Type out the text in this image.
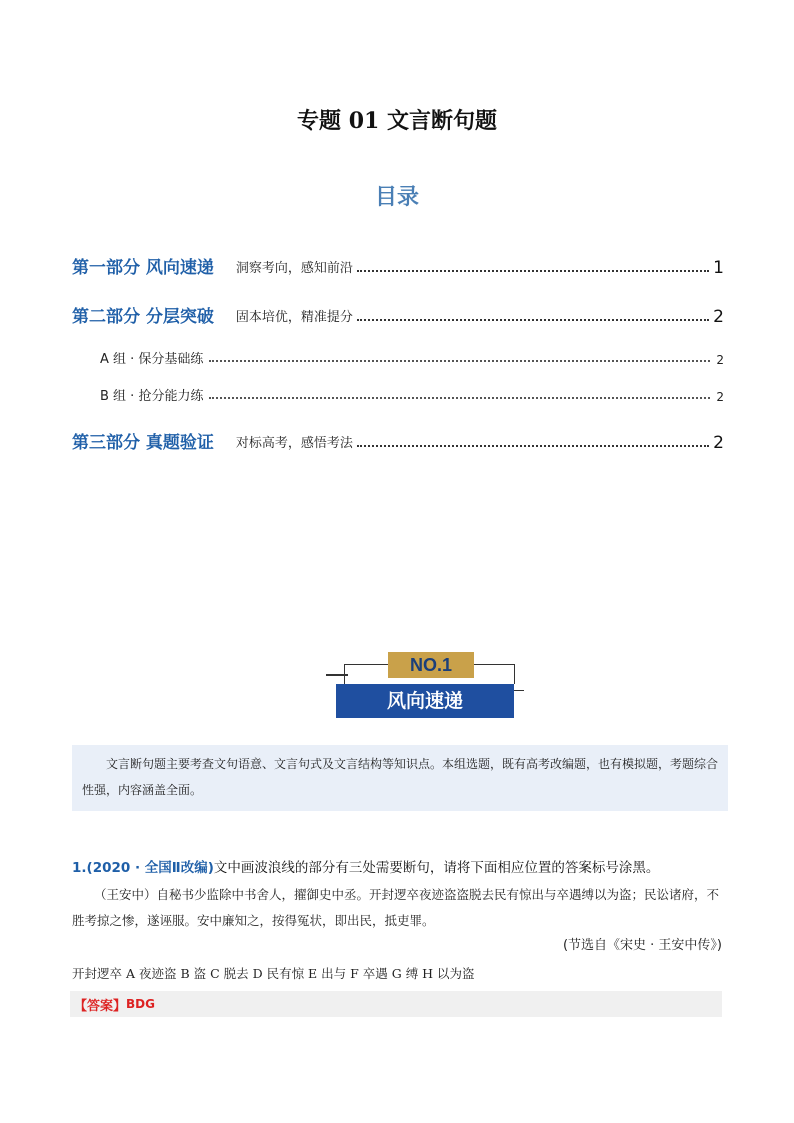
专题 01 文言断句题
目录
第一部分 风向速递 洞察考向，感知前沿	1
第二部分 分层突破 固本培优，精准提分	2
A 组 · 保分基础练	2
B 组 · 抢分能力练	2
第三部分 真题验证 对标高考，感悟考法	2
NO.1
风向速递
文言断句题主要考查文句语意、文言句式及文言结构等知识点。本组选题，既有高考改编题，也有模拟题，考题综合性强，内容涵盖全面。
1.(2020 · 全国Ⅱ改编)文中画波浪线的部分有三处需要断句，请将下面相应位置的答案标号涂黑。
（王安中）自秘书少监除中书舍人，擢御史中丞。开封逻卒夜迹盗盗脱去民有惊出与卒遇缚以为盗；民讼诸府，不胜考掠之惨，遂诬服。安中廉知之，按得冤状，即出民，抵吏罪。
(节选自《宋史 · 王安中传》)
开封逻卒 A 夜迹盗 B 盗 C 脱去 D 民有惊 E 出与 F 卒遇 G 缚 H 以为盗
【答案】 BDG
